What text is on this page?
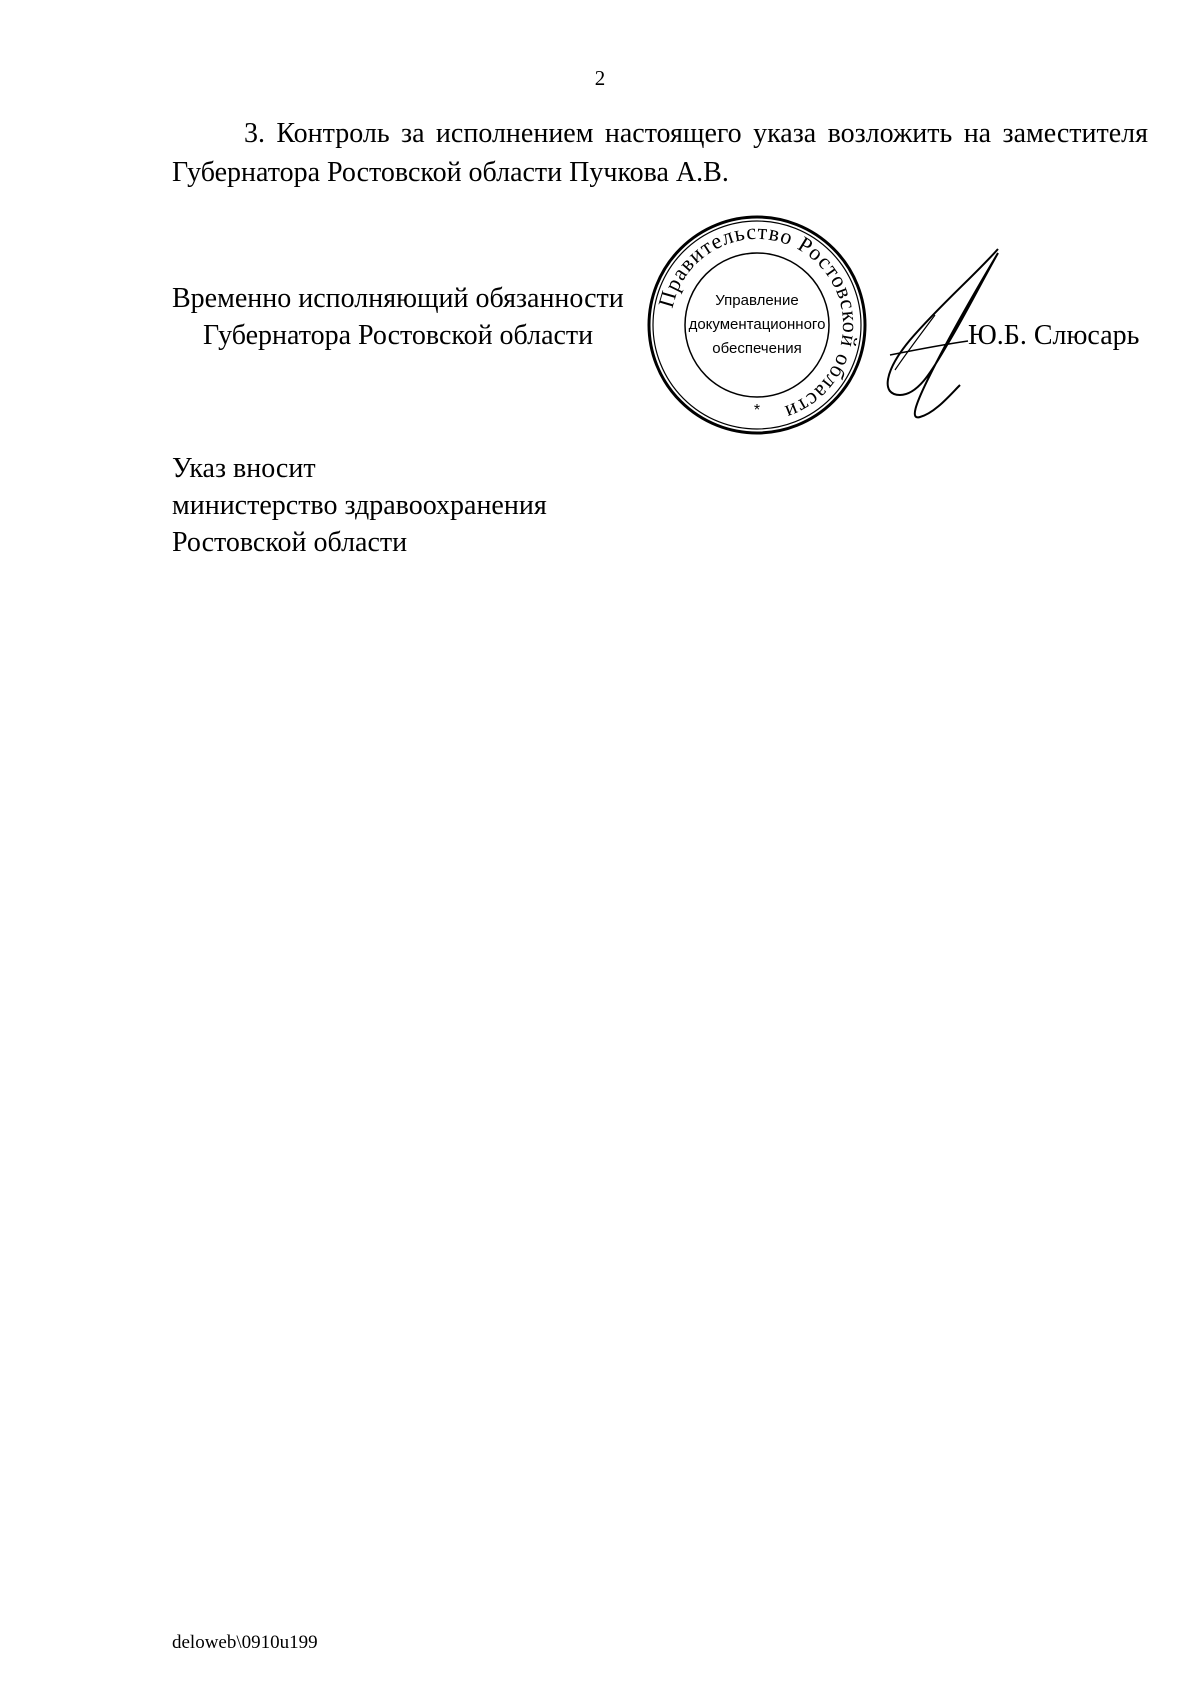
2
3. Контроль за исполнением настоящего указа возложить на заместителя Губернатора Ростовской области Пучкова А.В.
Временно исполняющий обязанности
Губернатора Ростовской области
Правительство Ростовской области
Управление
документационного
обеспечения
*
Ю.Б. Слюсарь
Указ вносит
министерство здравоохранения
Ростовской области
deloweb\0910u199
